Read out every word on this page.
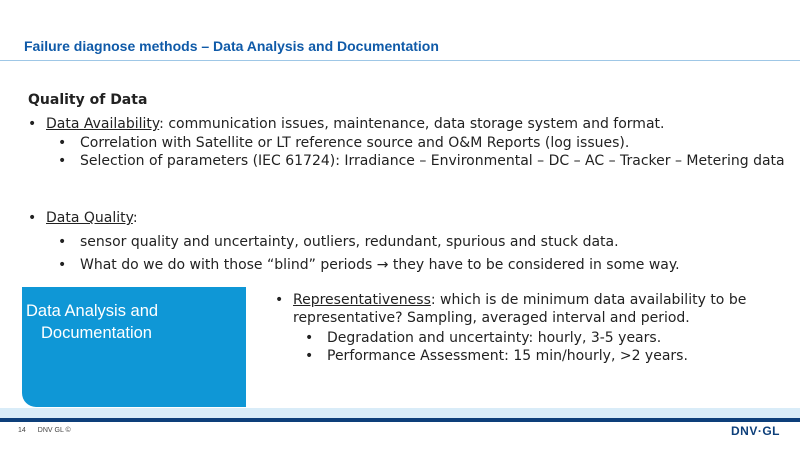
Failure diagnose methods – Data Analysis and Documentation
Quality of Data
• Data Availability: communication issues, maintenance, data storage system and format.
• Correlation with Satellite or LT reference source and O&M Reports (log issues).
• Selection of parameters (IEC 61724): Irradiance – Environmental – DC – AC – Tracker – Metering data
• Data Quality:
• sensor quality and uncertainty, outliers, redundant, spurious and stuck data.
• What do we do with those “blind” periods → they have to be considered in some way.
Data Analysis and
Documentation
• Representativeness: which is de minimum data availability to be representative? Sampling, averaged interval and period.
• Degradation and uncertainty: hourly, 3-5 years.
• Performance Assessment: 15 min/hourly, >2 years.
14 DNV GL ©	DNV·GL
